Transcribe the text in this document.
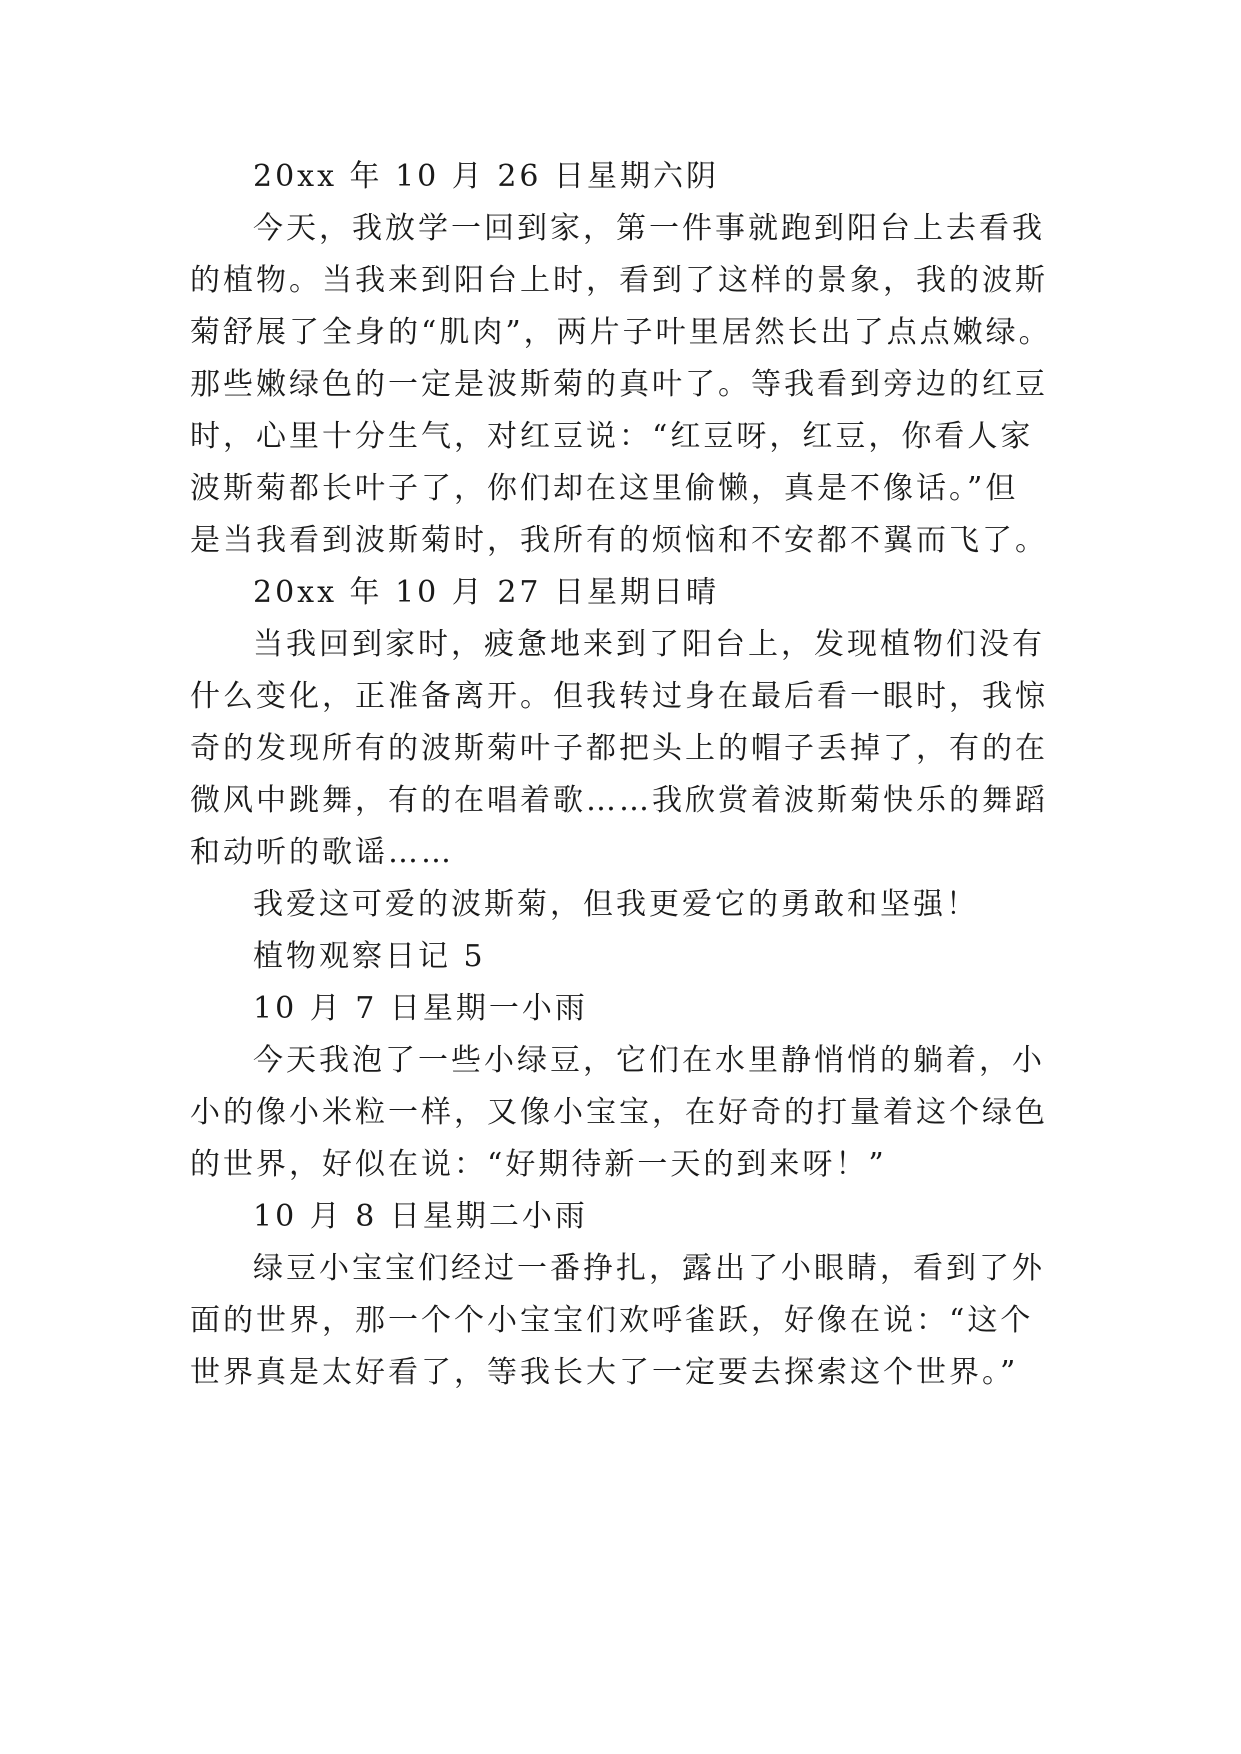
20xx 年 10 月 26 日星期六阴
今天，我放学一回到家，第一件事就跑到阳台上去看我
的植物。当我来到阳台上时，看到了这样的景象，我的波斯
菊舒展了全身的“肌肉”，两片子叶里居然长出了点点嫩绿。
那些嫩绿色的一定是波斯菊的真叶了。等我看到旁边的红豆
时，心里十分生气，对红豆说：“红豆呀，红豆，你看人家
波斯菊都长叶子了，你们却在这里偷懒，真是不像话。”但
是当我看到波斯菊时，我所有的烦恼和不安都不翼而飞了。
20xx 年 10 月 27 日星期日晴
当我回到家时，疲惫地来到了阳台上，发现植物们没有
什么变化，正准备离开。但我转过身在最后看一眼时，我惊
奇的发现所有的波斯菊叶子都把头上的帽子丢掉了，有的在
微风中跳舞，有的在唱着歌……我欣赏着波斯菊快乐的舞蹈
和动听的歌谣……
我爱这可爱的波斯菊，但我更爱它的勇敢和坚强！
植物观察日记 5
10 月 7 日星期一小雨
今天我泡了一些小绿豆，它们在水里静悄悄的躺着，小
小的像小米粒一样，又像小宝宝，在好奇的打量着这个绿色
的世界，好似在说：“好期待新一天的到来呀！”
10 月 8 日星期二小雨
绿豆小宝宝们经过一番挣扎，露出了小眼睛，看到了外
面的世界，那一个个小宝宝们欢呼雀跃，好像在说：“这个
世界真是太好看了，等我长大了一定要去探索这个世界。”
